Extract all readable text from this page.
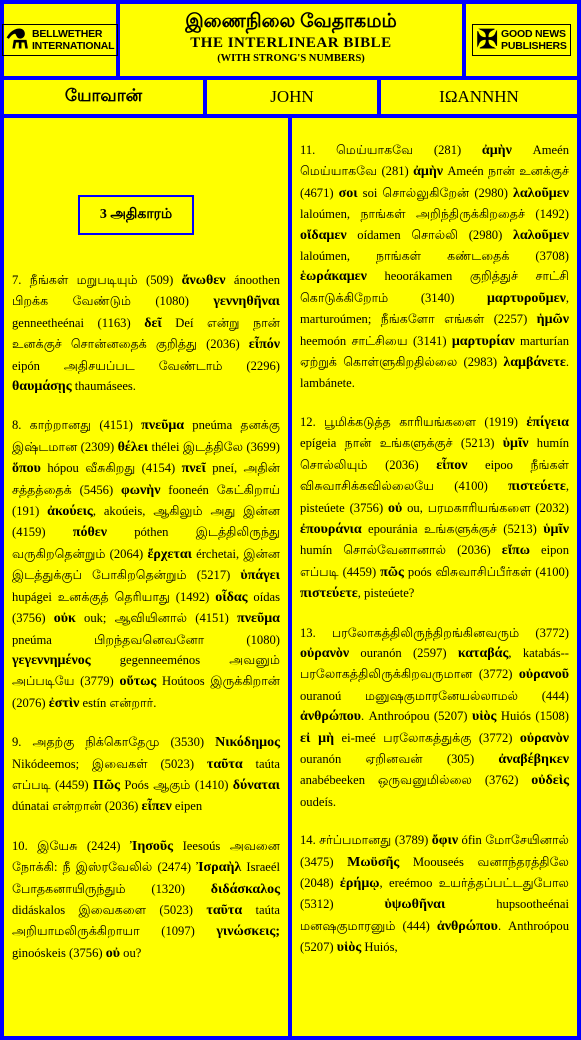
⚗ BELLWETHER
INTERNATIONAL
இணைநிலை வேதாகமம்
THE INTERLINEAR BIBLE
(WITH STRONG'S NUMBERS)
✠ GOOD NEWS
PUBLISHERS
யோவான்	JOHN	ΙΩΑΝΝΗΝ

7. நீங்கள் மறுபடியும் (509) ἄνωθεν ánoothen பிறக்க வேண்டும் (1080) γεννηθῆναι genneetheénai (1163) δεῖ Deí என்று நான் உனக்குச் சொன்னதைக் குறித்து (2036) εἶπόν eipón அதிசயப்பட வேண்டாம் (2296) θαυμάσῃς thaumásees.

8. காற்றானது (4151) πνεῦμα pneúma தனக்கு இஷ்டமான (2309) θέλει thélei இடத்திலே (3699) ὅπου hópou வீசுகிறது (4154) πνεῖ pneí, அதின் சத்தத்தைக் (5456) φωνὴν fooneén கேட்கிறாய் (191) ἀκούεις, akoúeis, ஆகிலும் அது இன்ன (4159) πόθεν póthen இடத்திலிருந்து வருகிறதென்றும் (2064) ἔρχεται érchetai, இன்ன இடத்துக்குப் போகிறதென்றும் (5217) ὑπάγει hupágei உனக்குத் தெரியாது (1492) οἶδας oídas (3756) οὐκ ouk; ஆவியினால் (4151) πνεῦμα pneúma பிறந்தவனெவனோ (1080) γεγεννημένος gegenneeménos அவனும் அப்படியே (3779) οὕτως Hoútoos இருக்கிறான் (2076) ἐστὶν estín என்றார்.

9. அதற்கு நிக்கொதேமு (3530) Νικόδημος Nikódeemos; இவைகள் (5023) ταῦτα taúta எப்படி (4459) Πῶς Poós ஆகும் (1410) δύναται dúnatai என்றான் (2036) εἶπεν eipen

10. இயேசு (2424) Ἰησοῦς Ieesoús அவனை நோக்கி: நீ இஸ்ரவேலில் (2474) Ἰσραὴλ Israeél போதகனாயிருந்தும் (1320) διδάσκαλος didáskalos இவைகளை (5023) ταῦτα taúta அறியாமலிருக்கிறாயா (1097) γινώσκεις; ginoóskeis (3756) οὐ ou?

3 அதிகாரம்

11. மெய்யாகவே (281) ἀμὴν Ameén மெய்யாகவே (281) ἀμὴν Ameén நான் உனக்குச் (4671) σοι soi சொல்லுகிறேன் (2980) λαλοῦμεν laloúmen, நாங்கள் அறிந்திருக்கிறதைச் (1492) οἴδαμεν oídamen சொல்லி (2980) λαλοῦμεν laloúmen, நாங்கள் கண்டதைக் (3708) ἑωράκαμεν heoorákamen குறித்துச் சாட்சி கொடுக்கிறோம் (3140) μαρτυροῦμεν, marturoúmen; நீங்களோ எங்கள் (2257) ἡμῶν heemoón சாட்சியை (3141) μαρτυρίαν marturían ஏற்றுக் கொள்ளுகிறதில்லை (2983) λαμβάνετε. lambánete.

12. பூமிக்கடுத்த காரியங்களை (1919) ἐπίγεια epígeia நான் உங்களுக்குச் (5213) ὑμῖν humín சொல்லியும் (2036) εἶπον eipoo நீங்கள் விசுவாசிக்கவில்லையே (4100) πιστεύετε, pisteúete (3756) οὐ ou, பரமகாரியங்களை (2032) ἐπουράνια epouránia உங்களுக்குச் (5213) ὑμῖν humín சொல்வேனானால் (2036) εἴπω eipon எப்படி (4459) πῶς poós விசுவாசிப்பீர்கள் (4100) πιστεύετε, pisteúete?

13. பரலோகத்திலிருந்திறங்கினவரும் (3772) οὐρανὸν ouranón (2597) καταβάς, katabás-- பரலோகத்திலிருக்கிறவருமான (3772) οὐρανοῦ ouranoú மனுஷகுமாரனேயல்லாமல் (444) ἀνθρώπου. Anthroópou (5207) υἱὸς Huiós (1508) εἰ μὴ ei-meé பரலோகத்துக்கு (3772) οὐρανὸν ouranón ஏறினவன் (305) ἀναβέβηκεν anabébeeken ஒருவனுமில்லை (3762) οὐδεὶς oudeís.

14. சர்ப்பமானது (3789) ὄφιν ófin மோசேயினால் (3475) Μωϋσῆς Moouseés வனாந்தரத்திலே (2048) ἐρήμῳ, ereémoo உயர்த்தப்பட்டதுபோல (5312) ὑψωθῆναι hupsootheénai மனஷகுமாரனும் (444) ἀνθρώπου. Anthroópou (5207) υἱὸς Huiós,
